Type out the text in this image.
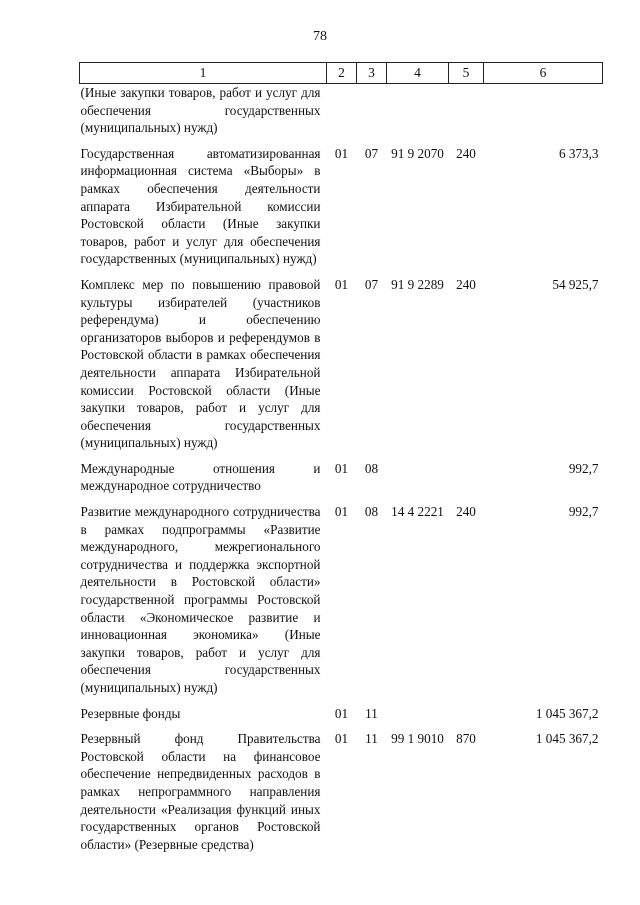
78
1	2	3	4	5	6
(Иные закупки товаров, работ и услуг для обеспечения государственных (муниципальных) нужд)					
Государственная автоматизированная информационная система «Выборы» в рамках обеспечения деятельности аппарата Избирательной комиссии Ростовской области (Иные закупки товаров, работ и услуг для обеспечения государственных (муниципальных) нужд)	01	07	91 9 2070	240	6 373,3
Комплекс мер по повышению правовой культуры избирателей (участников референдума) и обеспечению организаторов выборов и референдумов в Ростовской области в рамках обеспечения деятельности аппарата Избирательной комиссии Ростовской области (Иные закупки товаров, работ и услуг для обеспечения государственных (муниципальных) нужд)	01	07	91 9 2289	240	54 925,7
Международные отношения и международное сотрудничество	01	08			992,7
Развитие международного сотрудничества в рамках подпрограммы «Развитие международного, межрегионального сотрудничества и поддержка экспортной деятельности в Ростовской области» государственной программы Ростовской области «Экономическое развитие и инновационная экономика» (Иные закупки товаров, работ и услуг для обеспечения государственных (муниципальных) нужд)	01	08	14 4 2221	240	992,7
Резервные фонды	01	11			1 045 367,2
Резервный фонд Правительства Ростовской области на финансовое обеспечение непредвиденных расходов в рамках непрограммного направления деятельности «Реализация функций иных государственных органов Ростовской области» (Резервные средства)	01	11	99 1 9010	870	1 045 367,2
